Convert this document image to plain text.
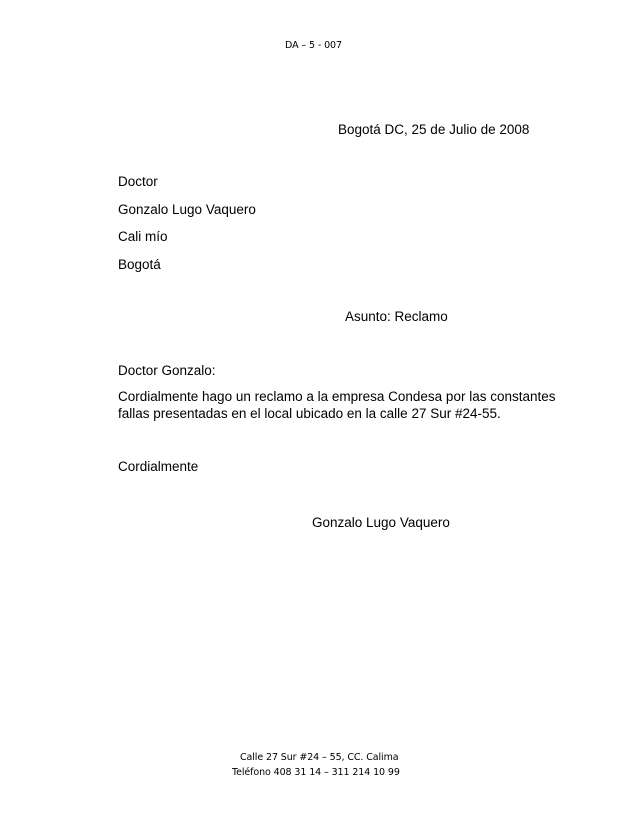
DA – 5 - 007
Bogotá DC, 25 de Julio de 2008
Doctor
Gonzalo Lugo Vaquero
Cali mío
Bogotá
Asunto: Reclamo
Doctor Gonzalo:
Cordialmente hago un reclamo a la empresa Condesa por las constantes
fallas presentadas en el local ubicado en la calle 27 Sur #24-55.
Cordialmente
Gonzalo Lugo Vaquero
Calle 27 Sur #24 – 55, CC. Calima
Teléfono 408 31 14 – 311 214 10 99
